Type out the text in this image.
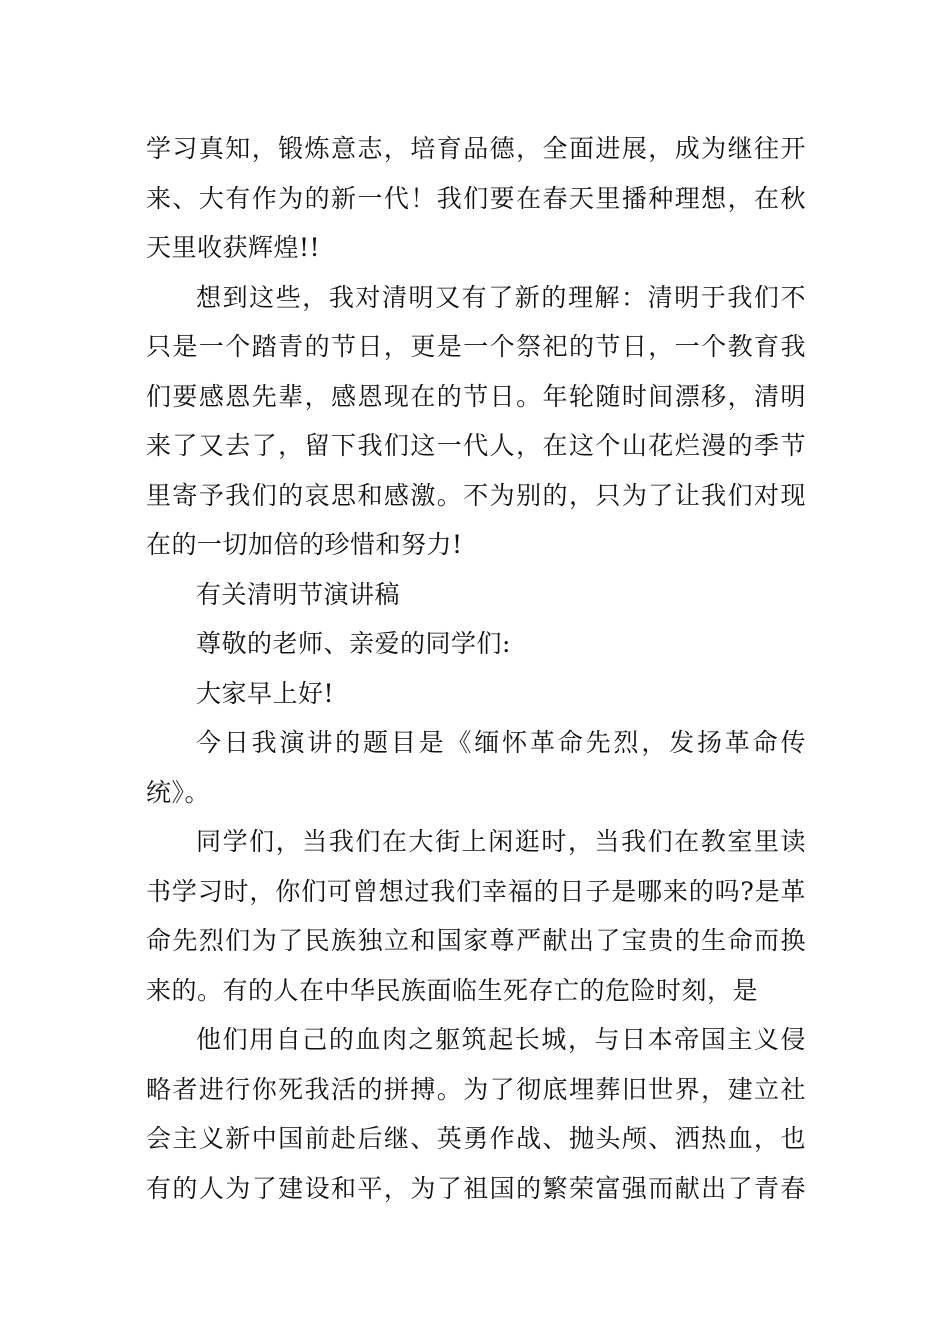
学习真知，锻炼意志，培育品德，全面进展，成为继往开
来、大有作为的新一代！我们要在春天里播种理想，在秋
天里收获辉煌!!
想到这些，我对清明又有了新的理解：清明于我们不
只是一个踏青的节日，更是一个祭祀的节日，一个教育我
们要感恩先辈，感恩现在的节日。年轮随时间漂移，清明
来了又去了，留下我们这一代人，在这个山花烂漫的季节
里寄予我们的哀思和感激。不为别的，只为了让我们对现
在的一切加倍的珍惜和努力!
有关清明节演讲稿
尊敬的老师、亲爱的同学们:
大家早上好!
今日我演讲的题目是《缅怀革命先烈，发扬革命传
统》。
同学们，当我们在大街上闲逛时，当我们在教室里读
书学习时，你们可曾想过我们幸福的日子是哪来的吗?是革
命先烈们为了民族独立和国家尊严献出了宝贵的生命而换
来的。有的人在中华民族面临生死存亡的危险时刻，是
他们用自己的血肉之躯筑起长城，与日本帝国主义侵
略者进行你死我活的拼搏。为了彻底埋葬旧世界，建立社
会主义新中国前赴后继、英勇作战、抛头颅、洒热血，也
有的人为了建设和平，为了祖国的繁荣富强而献出了青春
